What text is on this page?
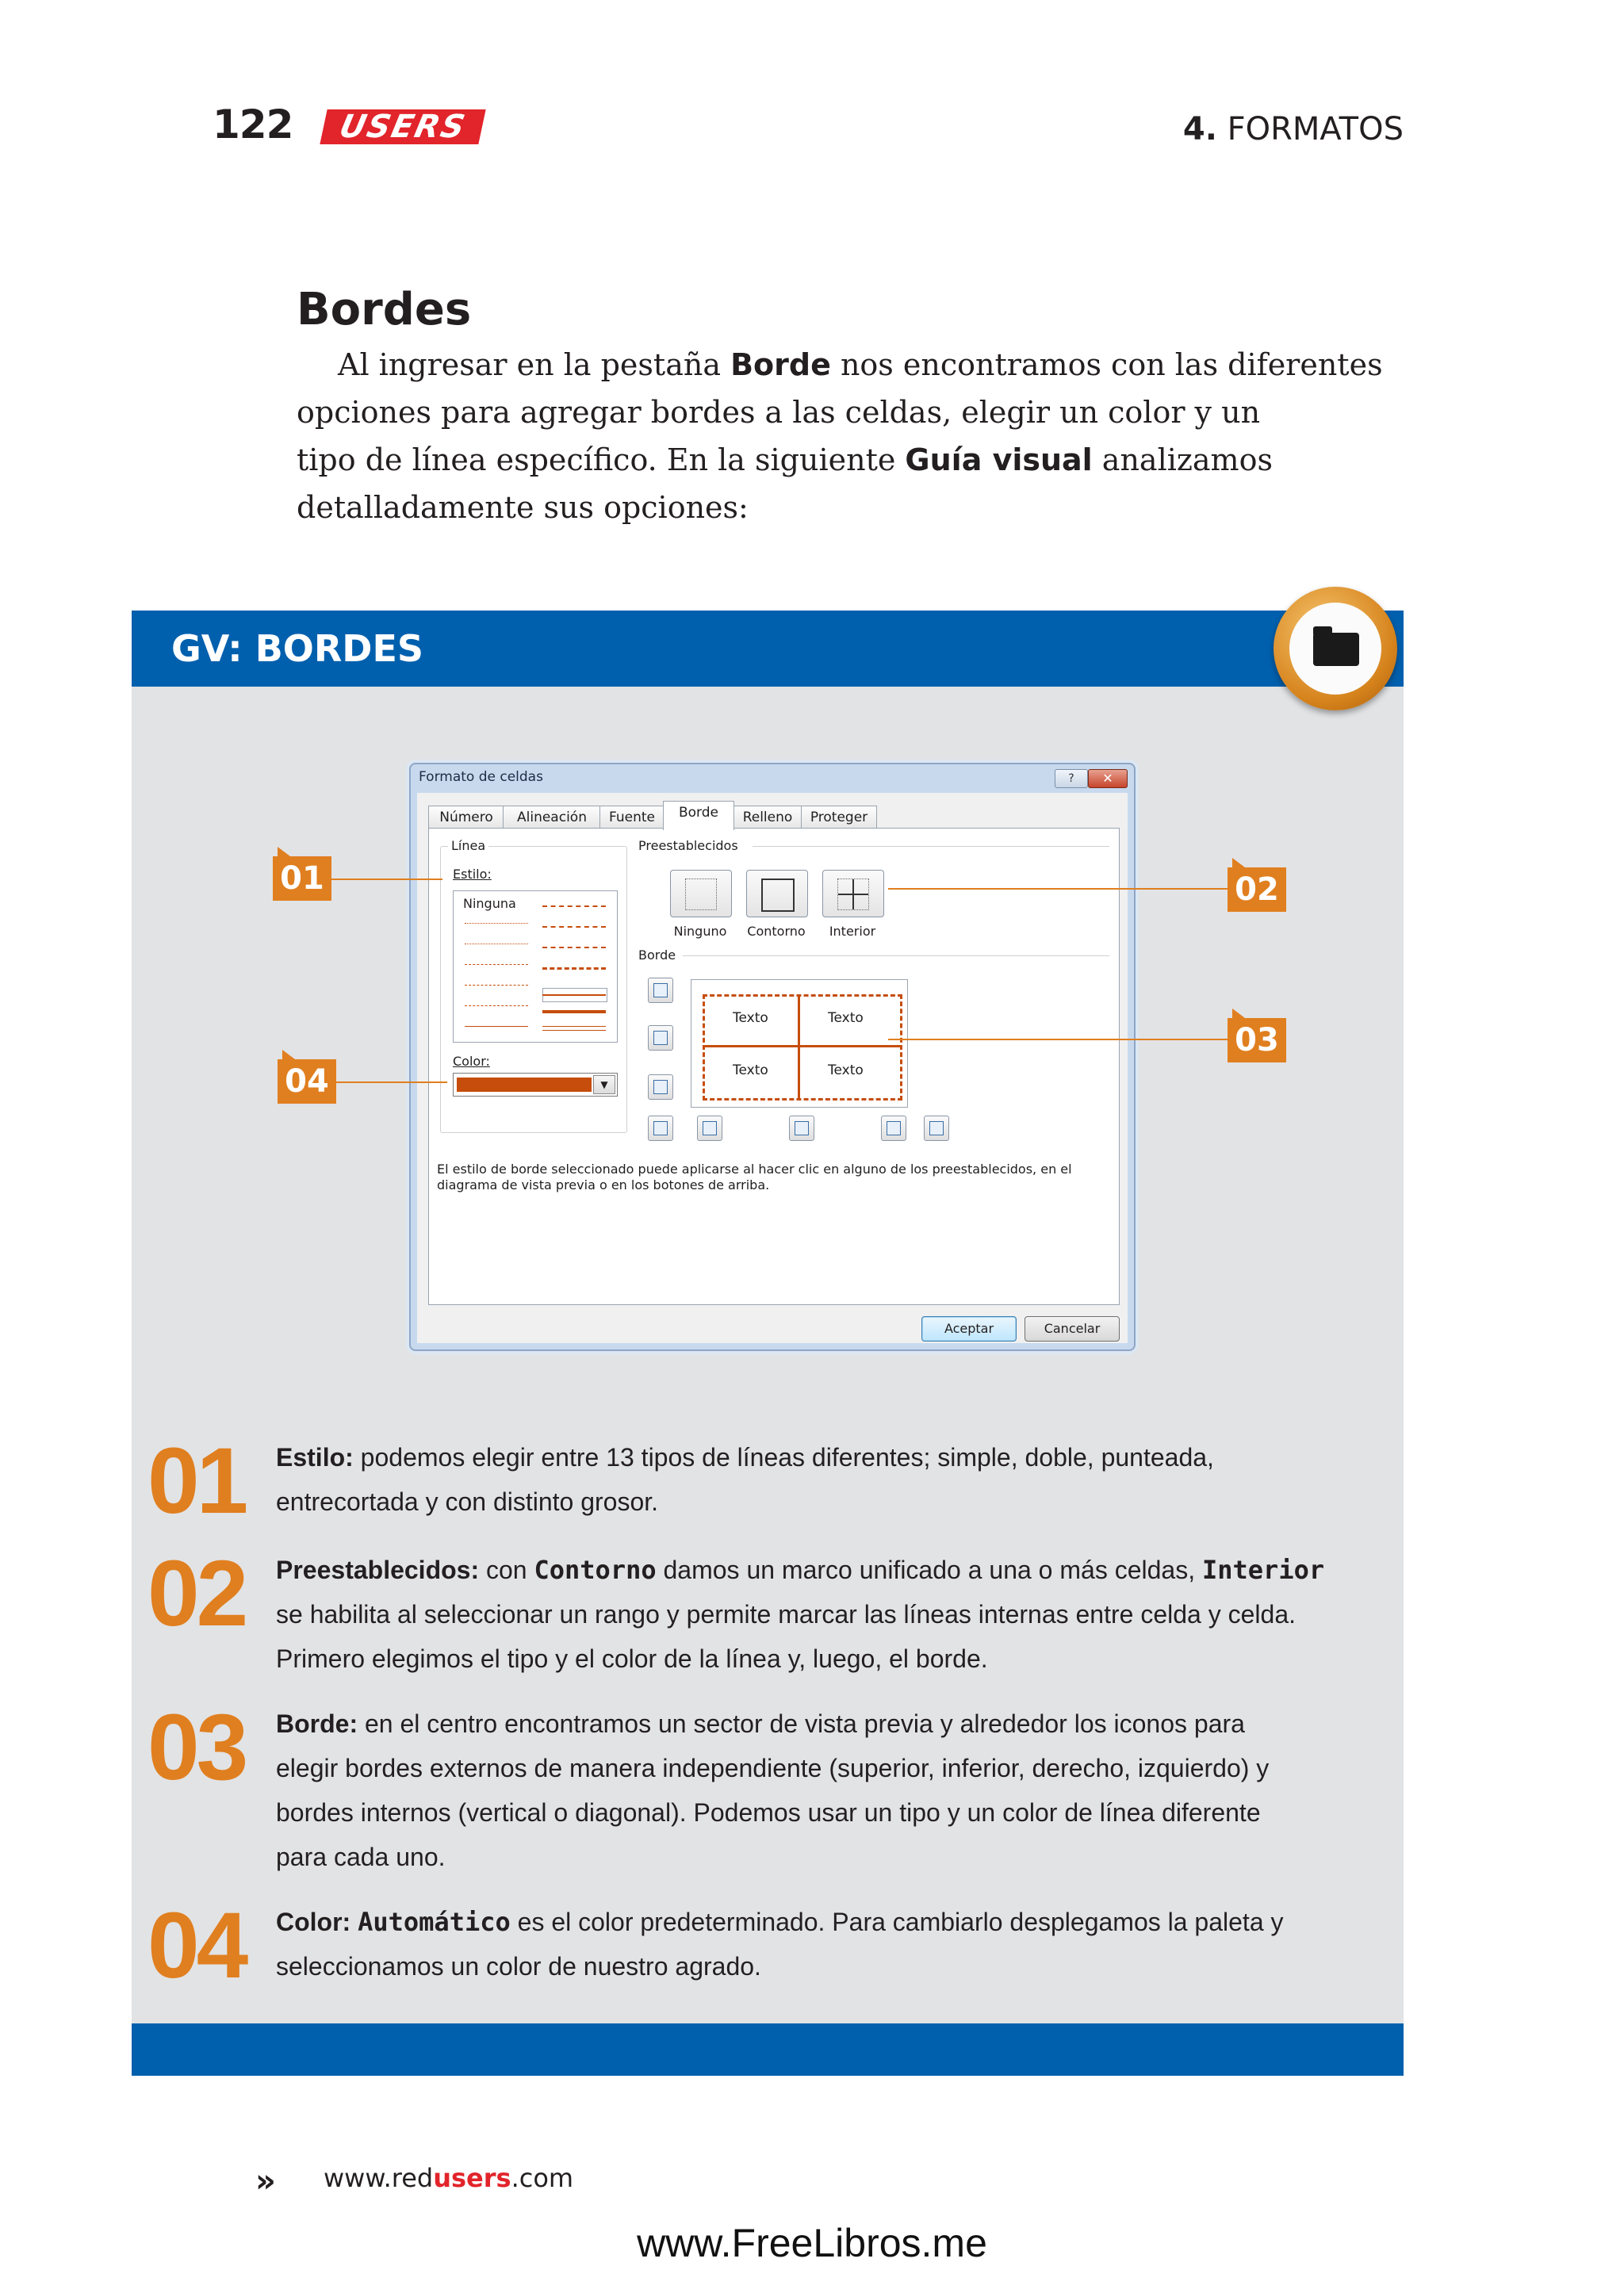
122	USERS	4. FORMATOS
Bordes
Al ingresar en la pestaña Borde nos encontramos con las diferentes
opciones para agregar bordes a las celdas, elegir un color y un
tipo de línea específico. En la siguiente Guía visual analizamos
detalladamente sus opciones:
GV: BORDES
Formato de celdas	?	✕
Número	Alineación	Fuente	Borde	Relleno	Proteger
Línea
Estilo:
Ninguna
Color:
▼
Preestablecidos
Ninguno	Contorno	Interior
Borde
Texto	Texto
Texto	Texto
El estilo de borde seleccionado puede aplicarse al hacer clic en alguno de los preestablecidos, en el diagrama de vista previa o en los botones de arriba.
Aceptar	Cancelar
01	02
03
04
01	Estilo: podemos elegir entre 13 tipos de líneas diferentes; simple, doble, punteada,
entrecortada y con distinto grosor.
02	Preestablecidos: con Contorno damos un marco unificado a una o más celdas, Interior
se habilita al seleccionar un rango y permite marcar las líneas internas entre celda y celda.
Primero elegimos el tipo y el color de la línea y, luego, el borde.
03	Borde: en el centro encontramos un sector de vista previa y alrededor los iconos para
elegir bordes externos de manera independiente (superior, inferior, derecho, izquierdo) y
bordes internos (vertical o diagonal). Podemos usar un tipo y un color de línea diferente
para cada uno.
04	Color: Automático es el color predeterminado. Para cambiarlo desplegamos la paleta y
seleccionamos un color de nuestro agrado.
» www.redusers.com
www.FreeLibros.me
